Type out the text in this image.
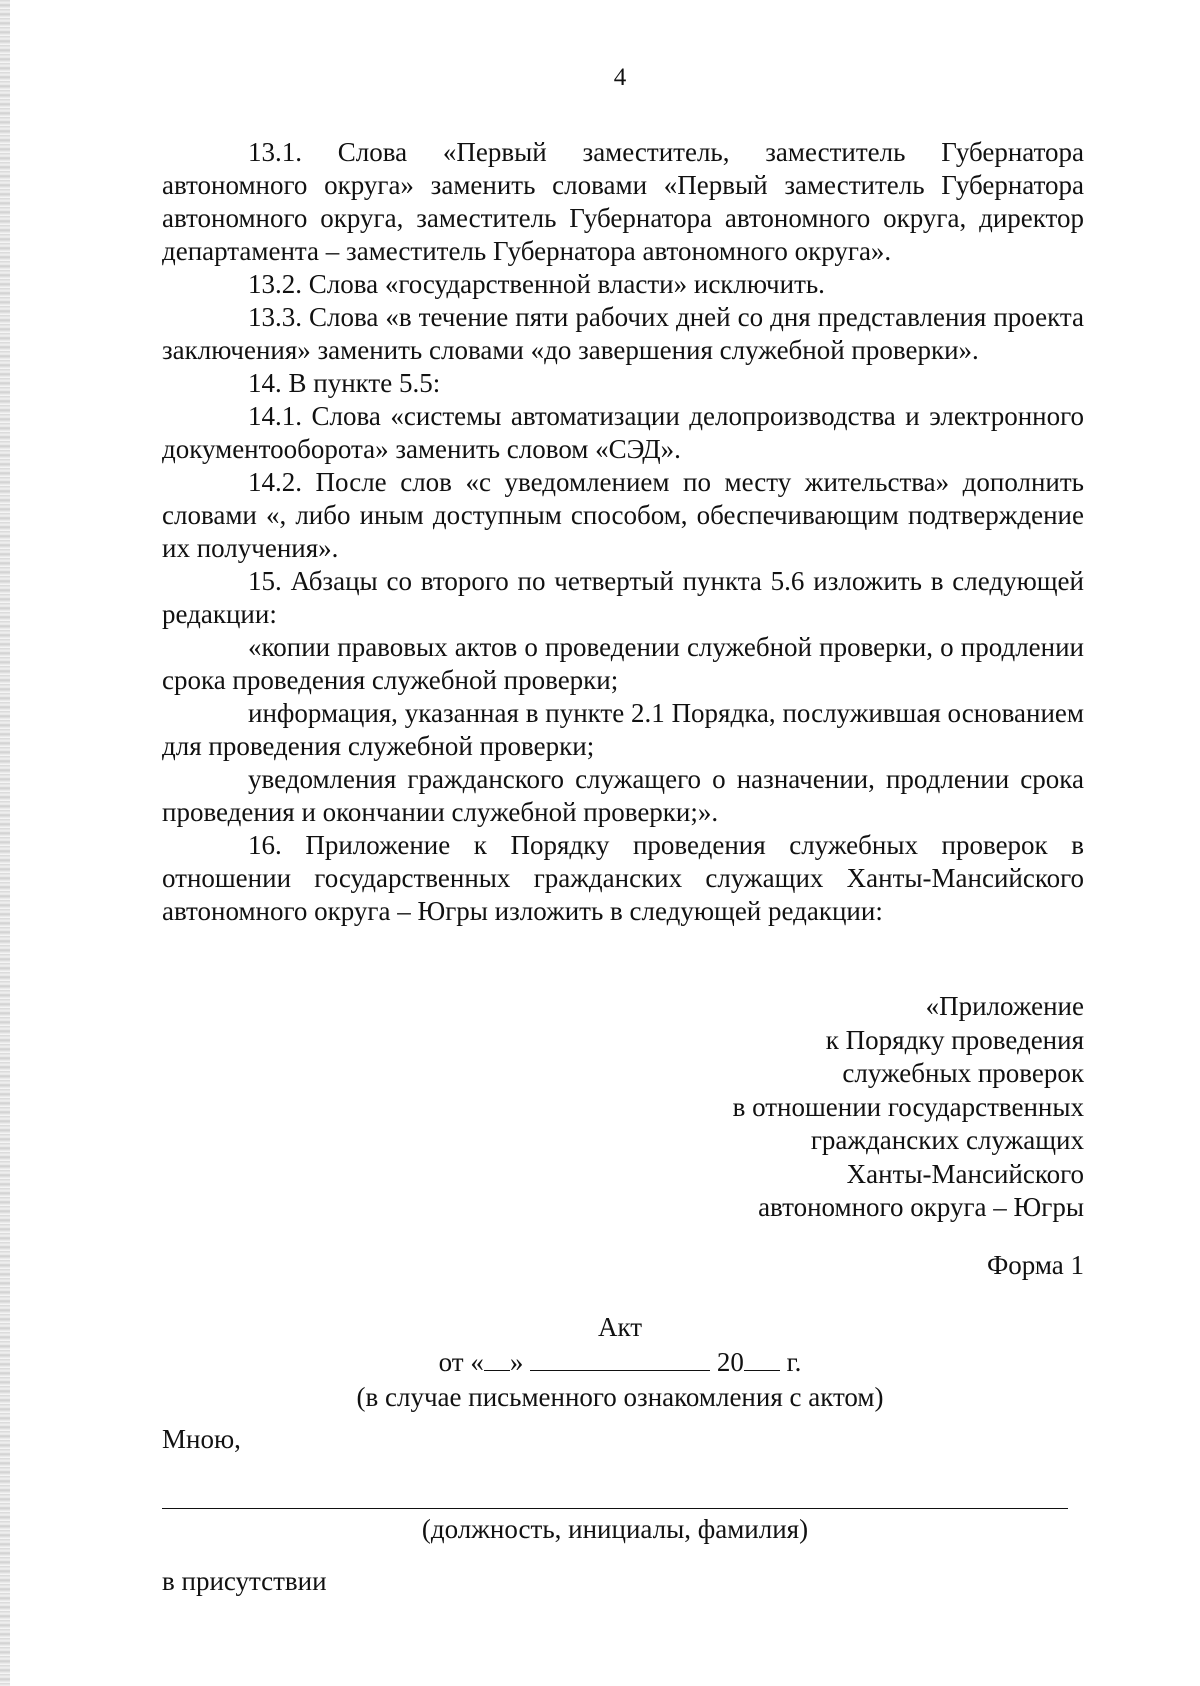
4

13.1. Слова «Первый заместитель, заместитель Губернатора автономного округа» заменить словами «Первый заместитель Губернатора автономного округа, заместитель Губернатора автономного округа, директор департамента – заместитель Губернатора автономного округа».

13.2. Слова «государственной власти» исключить.

13.3. Слова «в течение пяти рабочих дней со дня представления проекта заключения» заменить словами «до завершения служебной проверки».

14. В пункте 5.5:

14.1. Слова «системы автоматизации делопроизводства и электронного документооборота» заменить словом «СЭД».

14.2. После слов «с уведомлением по месту жительства» дополнить словами «, либо иным доступным способом, обеспечивающим подтверждение их получения».

15. Абзацы со второго по четвертый пункта 5.6 изложить в следующей редакции:

«копии правовых актов о проведении служебной проверки, о продлении срока проведения служебной проверки;

информация, указанная в пункте 2.1 Порядка, послужившая основанием для проведения служебной проверки;

уведомления гражданского служащего о назначении, продлении срока проведения и окончании служебной проверки;».

16. Приложение к Порядку проведения служебных проверок в отношении государственных гражданских служащих Ханты-Мансийского автономного округа – Югры изложить в следующей редакции:

«Приложение
к Порядку проведения
служебных проверок
в отношении государственных
гражданских служащих
Ханты-Мансийского
автономного округа – Югры
Форма 1
Акт
от « »	20 г.
(в случае письменного ознакомления с актом)
Мною,
(должность, инициалы, фамилия)
в присутствии
